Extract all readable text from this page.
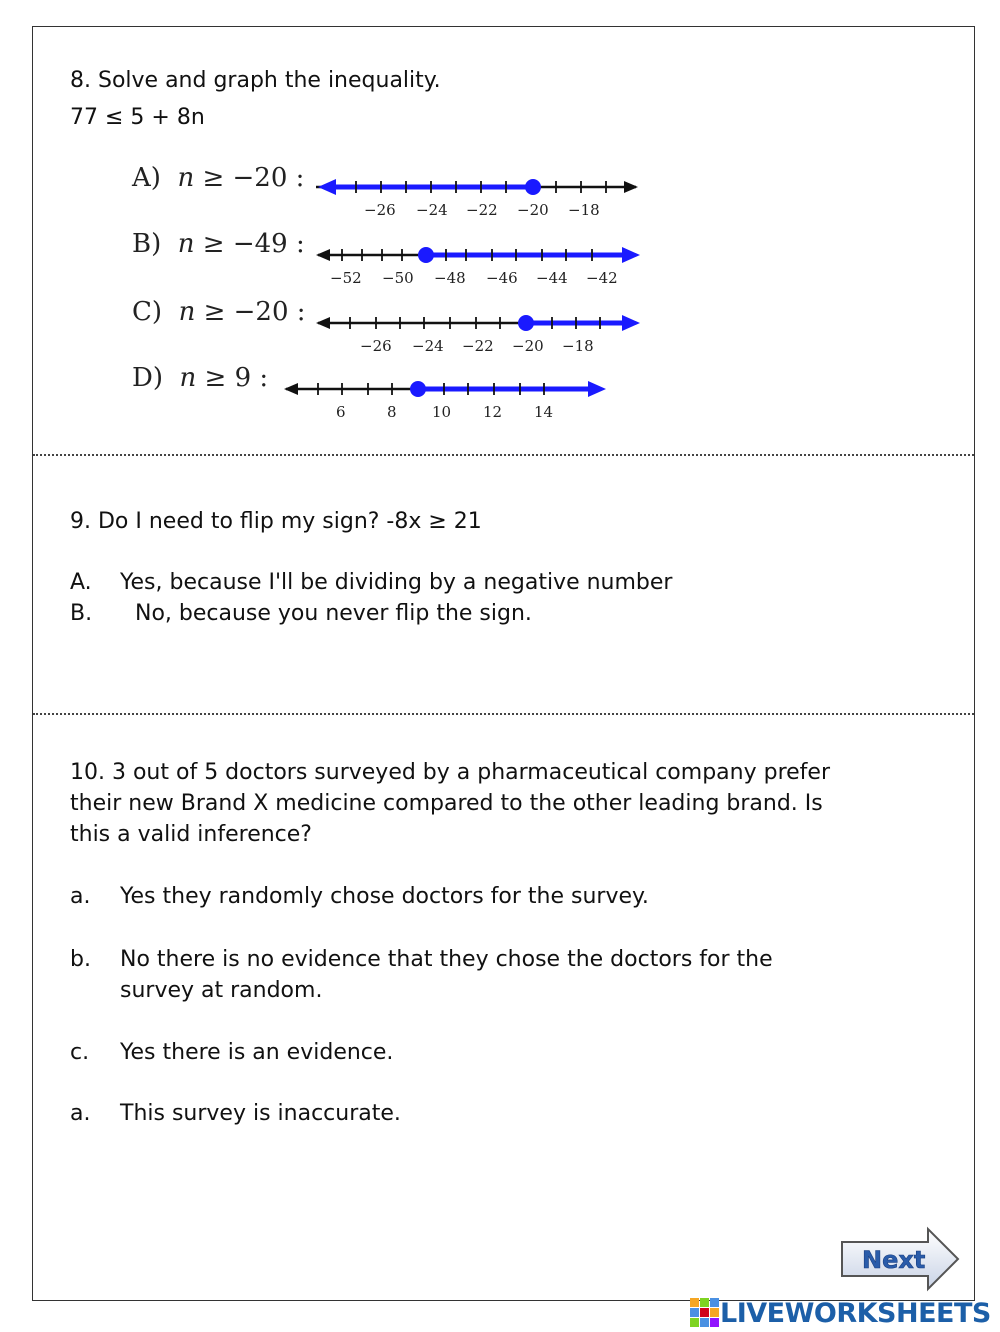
8. Solve and graph the inequality.
77 ≤ 5 + 8n
A) n ≥ −20 :
−26 −24 −22 −20 −18
B) n ≥ −49 :
−52 −50 −48 −46 −44 −42
C) n ≥ −20 :
−26 −24 −22 −20 −18
D) n ≥ 9 :
6	8 10 12 14
9. Do I need to flip my sign? -8x ≥ 21
A. Yes, because I'll be dividing by a negative number
B. No, because you never flip the sign.
10. 3 out of 5 doctors surveyed by a pharmaceutical company prefer
their new Brand X medicine compared to the other leading brand. Is
this a valid inference?
a. Yes they randomly chose doctors for the survey.
b. No there is no evidence that they chose the doctors for the
survey at random.
c. Yes there is an evidence.
a. This survey is inaccurate.
Next
LIVEWORKSHEETS
